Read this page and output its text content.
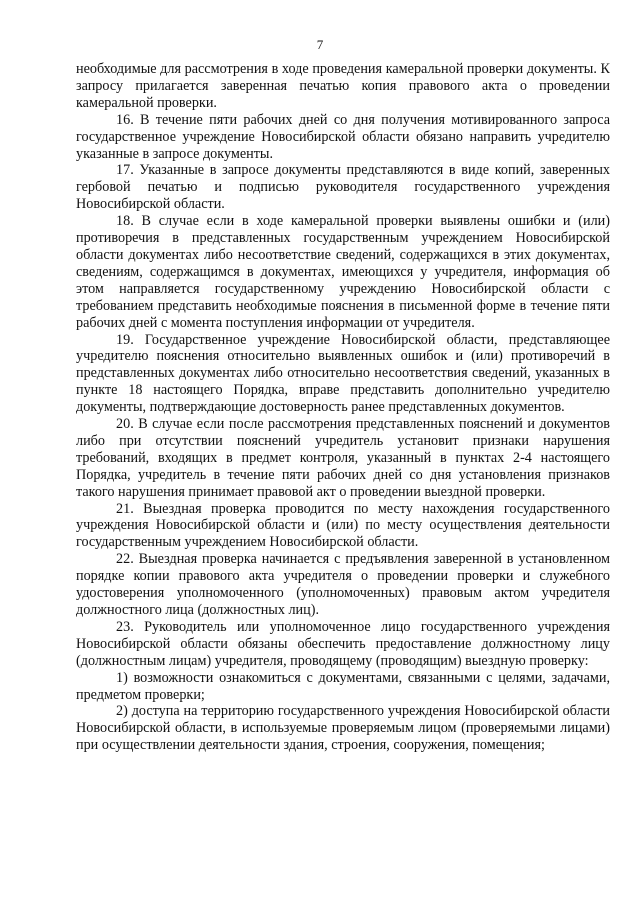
7

необходимые для рассмотрения в ходе проведения камеральной проверки документы. К запросу прилагается заверенная печатью копия правового акта о проведении камеральной проверки.

16. В течение пяти рабочих дней со дня получения мотивированного запроса государственное учреждение Новосибирской области обязано направить учредителю указанные в запросе документы.

17. Указанные в запросе документы представляются в виде копий, заверенных гербовой печатью и подписью руководителя государственного учреждения Новосибирской области.

18. В случае если в ходе камеральной проверки выявлены ошибки и (или) противоречия в представленных государственным учреждением Новосибирской области документах либо несоответствие сведений, содержащихся в этих документах, сведениям, содержащимся в документах, имеющихся у учредителя, информация об этом направляется государственному учреждению Новосибирской области с требованием представить необходимые пояснения в письменной форме в течение пяти рабочих дней с момента поступления информации от учредителя.

19. Государственное учреждение Новосибирской области, представляющее учредителю пояснения относительно выявленных ошибок и (или) противоречий в представленных документах либо относительно несоответствия сведений, указанных в пункте 18 настоящего Порядка, вправе представить дополнительно учредителю документы, подтверждающие достоверность ранее представленных документов.

20. В случае если после рассмотрения представленных пояснений и документов либо при отсутствии пояснений учредитель установит признаки нарушения требований, входящих в предмет контроля, указанный в пунктах 2-4 настоящего Порядка, учредитель в течение пяти рабочих дней со дня установления признаков такого нарушения принимает правовой акт о проведении выездной проверки.

21. Выездная проверка проводится по месту нахождения государственного учреждения Новосибирской области и (или) по месту осуществления деятельности государственным учреждением Новосибирской области.

22. Выездная проверка начинается с предъявления заверенной в установленном порядке копии правового акта учредителя о проведении проверки и служебного удостоверения уполномоченного (уполномоченных) правовым актом учредителя должностного лица (должностных лиц).

23. Руководитель или уполномоченное лицо государственного учреждения Новосибирской области обязаны обеспечить предоставление должностному лицу (должностным лицам) учредителя, проводящему (проводящим) выездную проверку:

1) возможности ознакомиться с документами, связанными с целями, задачами, предметом проверки;

2) доступа на территорию государственного учреждения Новосибирской области Новосибирской области, в используемые проверяемым лицом (проверяемыми лицами) при осуществлении деятельности здания, строения, сооружения, помещения;
